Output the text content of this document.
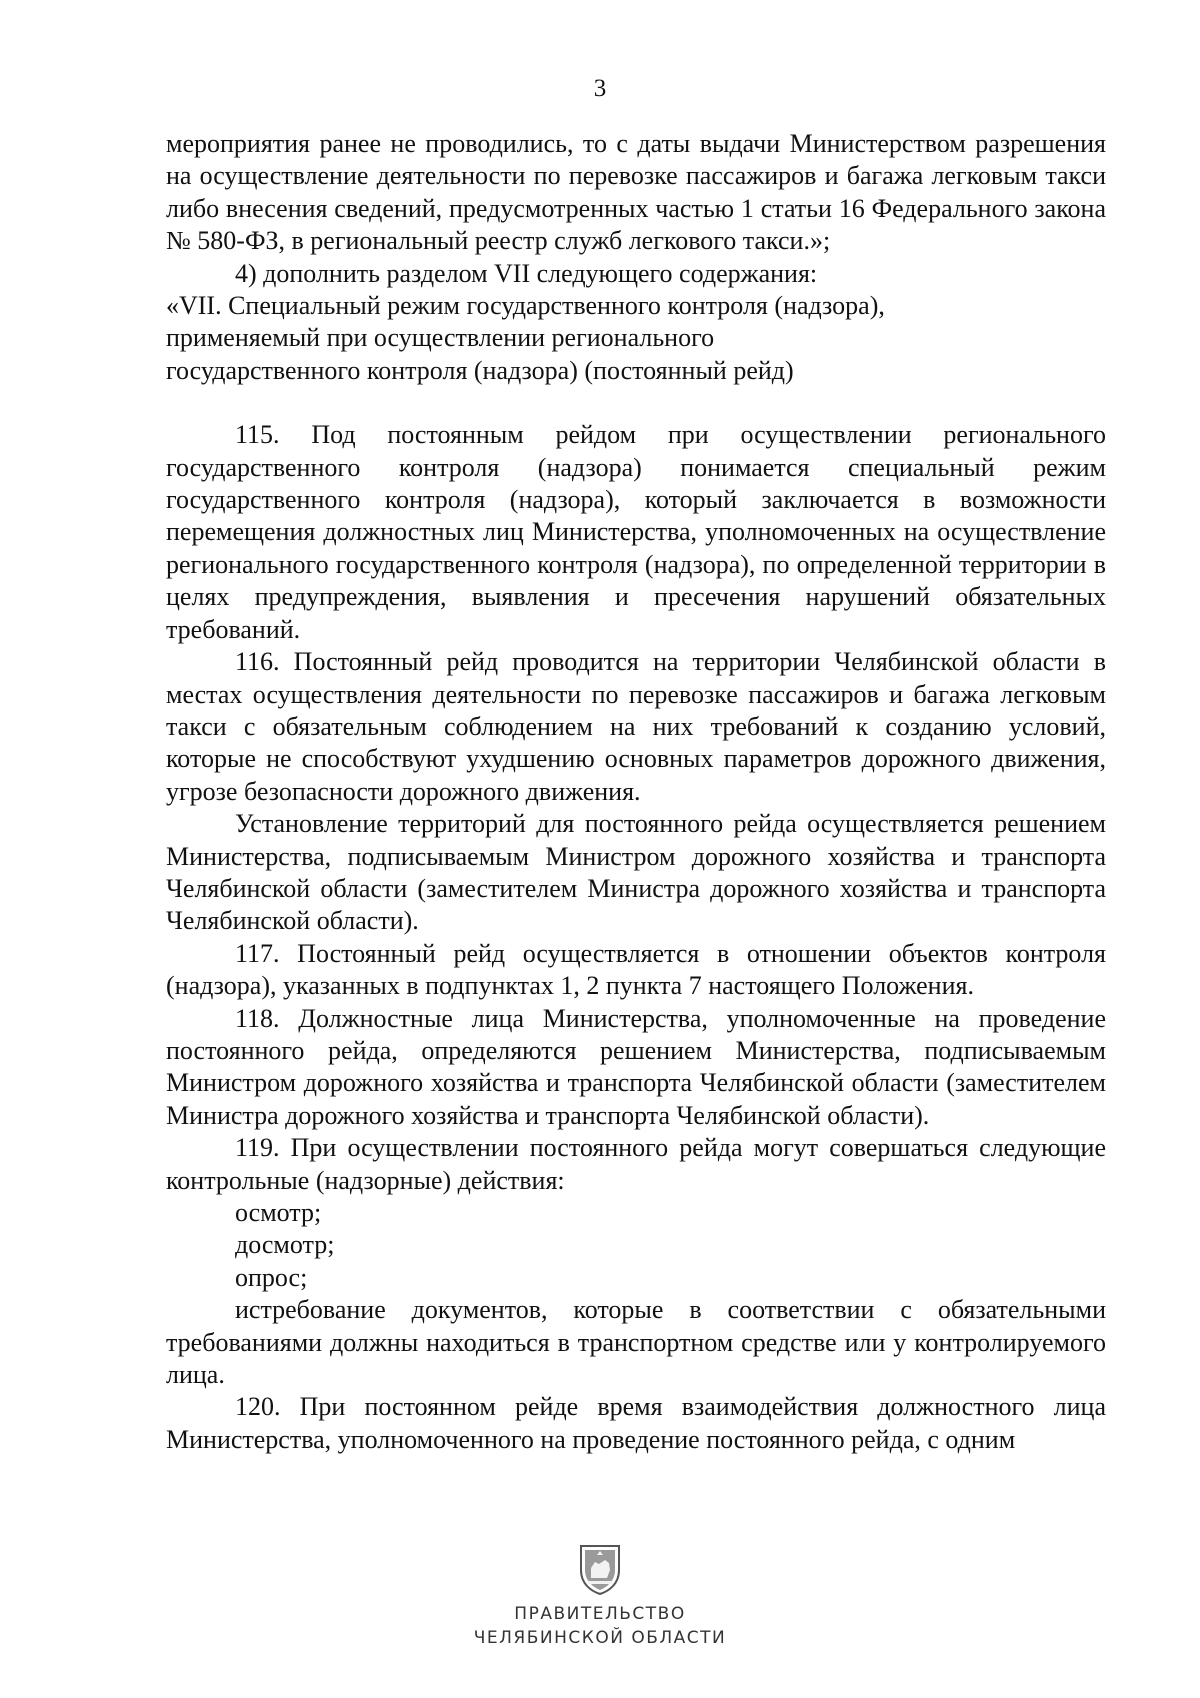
3

мероприятия ранее не проводились, то с даты выдачи Министерством разрешения на осуществление деятельности по перевозке пассажиров и багажа легковым такси либо внесения сведений, предусмотренных частью 1 статьи 16 Федерального закона № 580-ФЗ, в региональный реестр служб легкового такси.»;

4) дополнить разделом VII следующего содержания:

«VII. Специальный режим государственного контроля (надзора),

применяемый при осуществлении регионального

государственного контроля (надзора) (постоянный рейд)

115. Под постоянным рейдом при осуществлении регионального государственного контроля (надзора) понимается специальный режим государственного контроля (надзора), который заключается в возможности перемещения должностных лиц Министерства, уполномоченных на осуществление регионального государственного контроля (надзора), по определенной территории в целях предупреждения, выявления и пресечения нарушений обязательных требований.

116. Постоянный рейд проводится на территории Челябинской области в местах осуществления деятельности по перевозке пассажиров и багажа легковым такси с обязательным соблюдением на них требований к созданию условий, которые не способствуют ухудшению основных параметров дорожного движения, угрозе безопасности дорожного движения.

Установление территорий для постоянного рейда осуществляется решением Министерства, подписываемым Министром дорожного хозяйства и транспорта Челябинской области (заместителем Министра дорожного хозяйства и транспорта Челябинской области).

117. Постоянный рейд осуществляется в отношении объектов контроля (надзора), указанных в подпунктах 1, 2 пункта 7 настоящего Положения.

118. Должностные лица Министерства, уполномоченные на проведение постоянного рейда, определяются решением Министерства, подписываемым Министром дорожного хозяйства и транспорта Челябинской области (заместителем Министра дорожного хозяйства и транспорта Челябинской области).

119. При осуществлении постоянного рейда могут совершаться следующие контрольные (надзорные) действия:

осмотр;

досмотр;

опрос;

истребование документов, которые в соответствии с обязательными требованиями должны находиться в транспортном средстве или у контролируемого лица.

120. При постоянном рейде время взаимодействия должностного лица Министерства, уполномоченного на проведение постоянного рейда, с одним

ПРАВИТЕЛЬСТВО
ЧЕЛЯБИНСКОЙ ОБЛАСТИ
